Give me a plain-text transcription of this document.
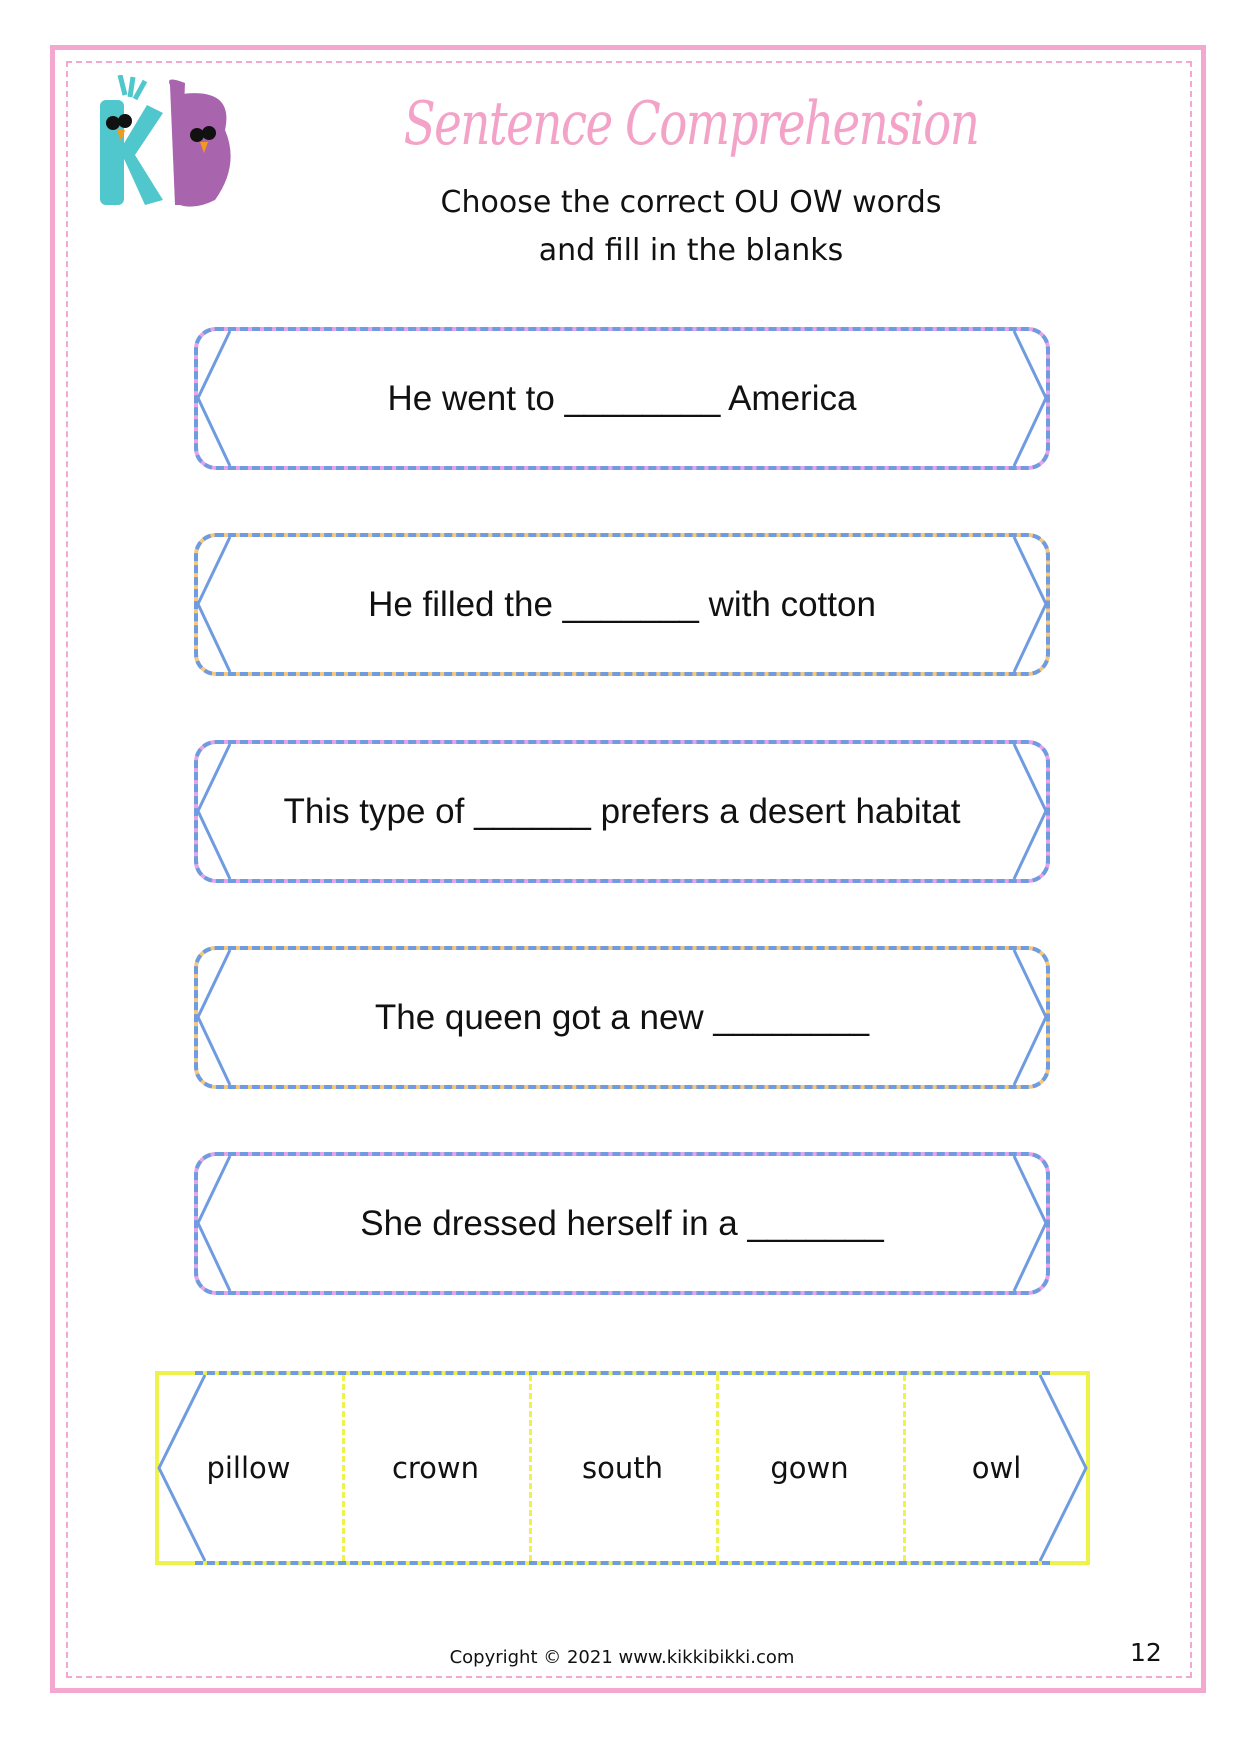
Sentence Comprehension
Choose the correct OU OW words
and fill in the blanks
He went to ________ America
He filled the _______ with cotton
This type of ______ prefers a desert habitat
The queen got a new ________
She dressed herself in a _______
pillow	crown	south	gown	owl
Copyright © 2021 www.kikkibikki.com	12
